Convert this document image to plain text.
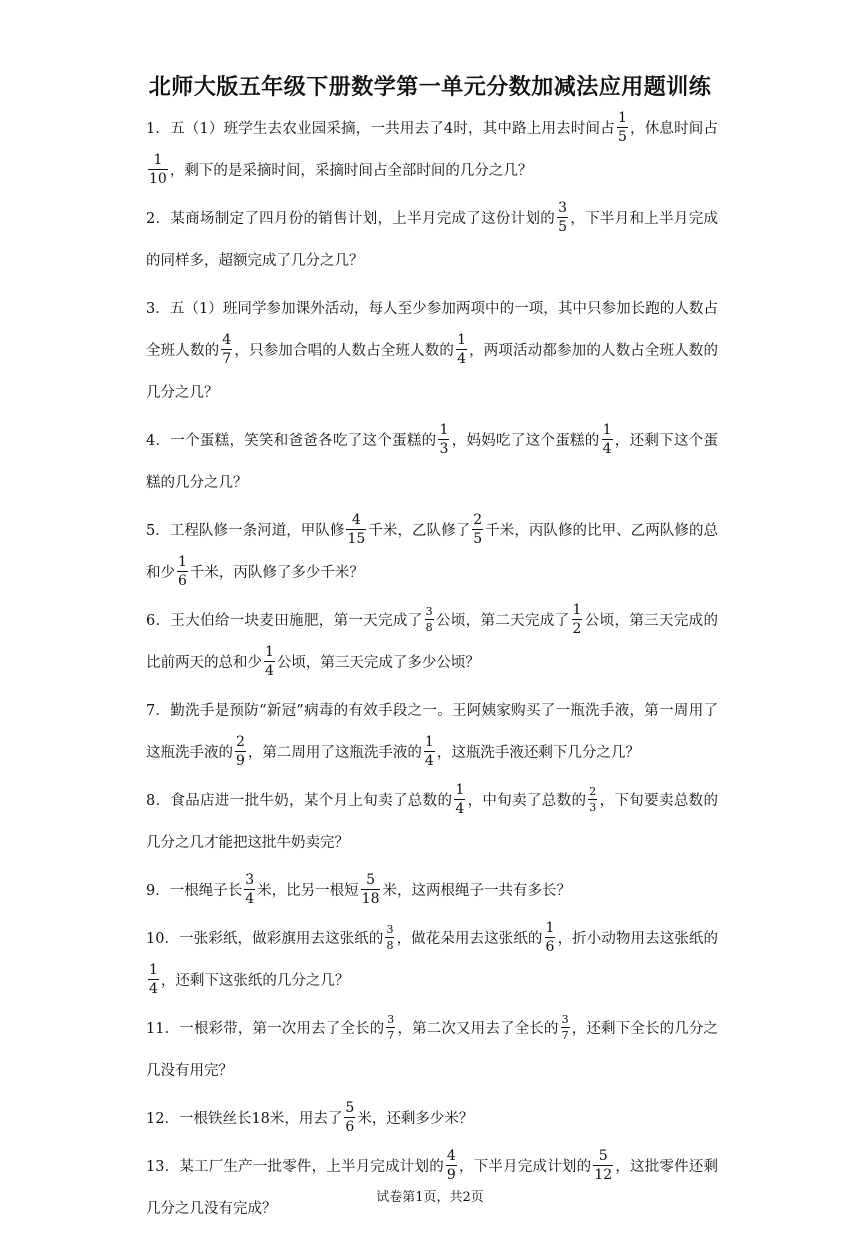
北师大版五年级下册数学第一单元分数加减法应用题训练

1．五（1）班学生去农业园采摘，一共用去了4时，其中路上用去时间占 $\frac{1}{5}$ ，休息时间占
$\frac{1}{10}$ ，剩下的是采摘时间，采摘时间占全部时间的几分之几？

2．某商场制定了四月份的销售计划，上半月完成了这份计划的 $\frac{3}{5}$ ，下半月和上半月完成的同样多，超额完成了几分之几？

3．五（1）班同学参加课外活动，每人至少参加两项中的一项，其中只参加长跑的人数占全班人数的 $\frac{4}{7}$ ，只参加合唱的人数占全班人数的 $\frac{1}{4}$ ，两项活动都参加的人数占全班人数的几分之几？

4．一个蛋糕，笑笑和爸爸各吃了这个蛋糕的 $\frac{1}{3}$ ，妈妈吃了这个蛋糕的 $\frac{1}{4}$ ，还剩下这个蛋糕的几分之几？

5．工程队修一条河道，甲队修 $\frac{4}{15}$ 千米，乙队修了 $\frac{2}{5}$ 千米，丙队修的比甲、乙两队修的总和少 $\frac{1}{6}$ 千米，丙队修了多少千米？

6．王大伯给一块麦田施肥，第一天完成了 $\frac{3}{8}$ 公顷，第二天完成了 $\frac{1}{2}$ 公顷，第三天完成的比前两天的总和少 $\frac{1}{4}$ 公顷，第三天完成了多少公顷？

7．勤洗手是预防“新冠”病毒的有效手段之一。王阿姨家购买了一瓶洗手液，第一周用了这瓶洗手液的 $\frac{2}{9}$ ，第二周用了这瓶洗手液的 $\frac{1}{4}$ ，这瓶洗手液还剩下几分之几？

8．食品店进一批牛奶，某个月上旬卖了总数的 $\frac{1}{4}$ ，中旬卖了总数的 $\frac{2}{3}$ ，下旬要卖总数的几分之几才能把这批牛奶卖完？

9．一根绳子长 $\frac{3}{4}$ 米，比另一根短 $\frac{5}{18}$ 米，这两根绳子一共有多长？

10．一张彩纸，做彩旗用去这张纸的 $\frac{3}{8}$ ，做花朵用去这张纸的 $\frac{1}{6}$ ，折小动物用去这张纸的
$\frac{1}{4}$ ，还剩下这张纸的几分之几？

11．一根彩带，第一次用去了全长的 $\frac{3}{7}$ ，第二次又用去了全长的 $\frac{3}{7}$ ，还剩下全长的几分之几没有用完？

12．一根铁丝长18米，用去了 $\frac{5}{6}$ 米，还剩多少米？

13．某工厂生产一批零件，上半月完成计划的 $\frac{4}{9}$ ，下半月完成计划的 $\frac{5}{12}$ ，这批零件还剩几分之几没有完成？

试卷第1页，共2页
